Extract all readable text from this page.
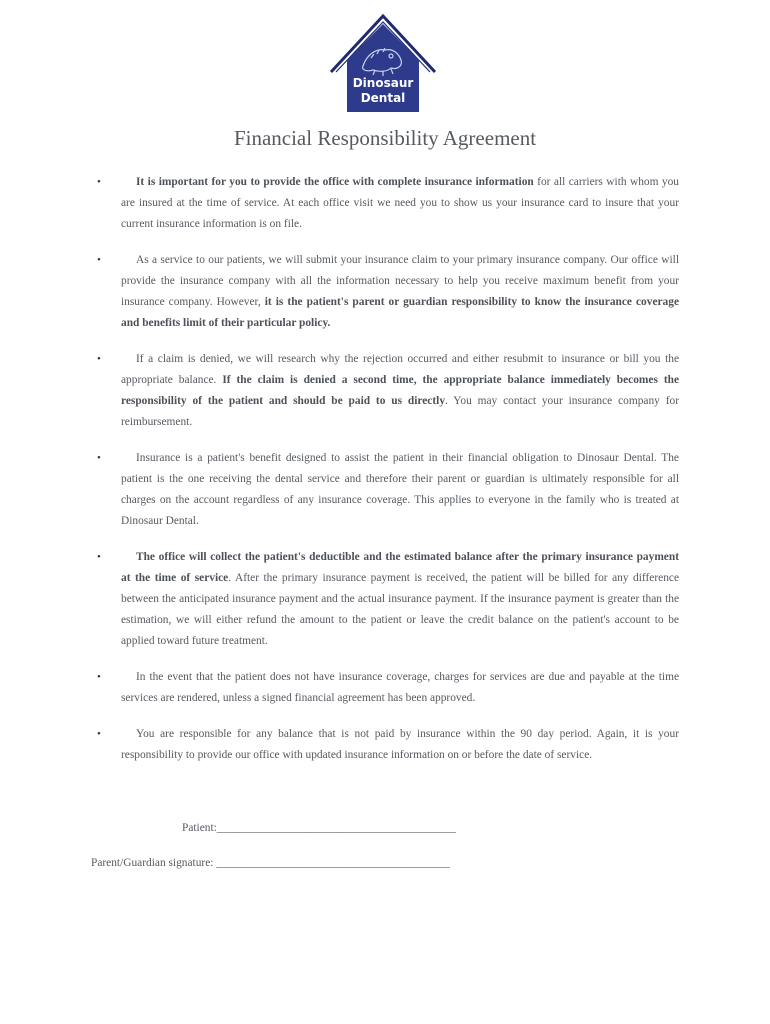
Dinosaur
Dental
Financial Responsibility Agreement
•	It is important for you to provide the office with complete insurance information for all carriers with whom you are insured at the time of service. At each office visit we need you to show us your insurance card to insure that your current insurance information is on file.

•	As a service to our patients, we will submit your insurance claim to your primary insurance company. Our office will provide the insurance company with all the information necessary to help you receive maximum benefit from your insurance company. However, it is the patient's parent or guardian responsibility to know the insurance coverage and benefits limit of their particular policy.

•	If a claim is denied, we will research why the rejection occurred and either resubmit to insurance or bill you the appropriate balance. If the claim is denied a second time, the appropriate balance immediately becomes the responsibility of the patient and should be paid to us directly. You may contact your insurance company for reimbursement.

•	Insurance is a patient's benefit designed to assist the patient in their financial obligation to Dinosaur Dental. The patient is the one receiving the dental service and therefore their parent or guardian is ultimately responsible for all charges on the account regardless of any insurance coverage. This applies to everyone in the family who is treated at Dinosaur Dental.

•	The office will collect the patient's deductible and the estimated balance after the primary insurance payment at the time of service. After the primary insurance payment is received, the patient will be billed for any difference between the anticipated insurance payment and the actual insurance payment. If the insurance payment is greater than the estimation, we will either refund the amount to the patient or leave the credit balance on the patient's account to be applied toward future treatment.

•	In the event that the patient does not have insurance coverage, charges for services are due and payable at the time services are rendered, unless a signed financial agreement has been approved.

•	You are responsible for any balance that is not paid by insurance within the 90 day period. Again, it is your responsibility to provide our office with updated insurance information on or before the date of service.

Patient:__________________________________________
Parent/Guardian signature: _________________________________________
